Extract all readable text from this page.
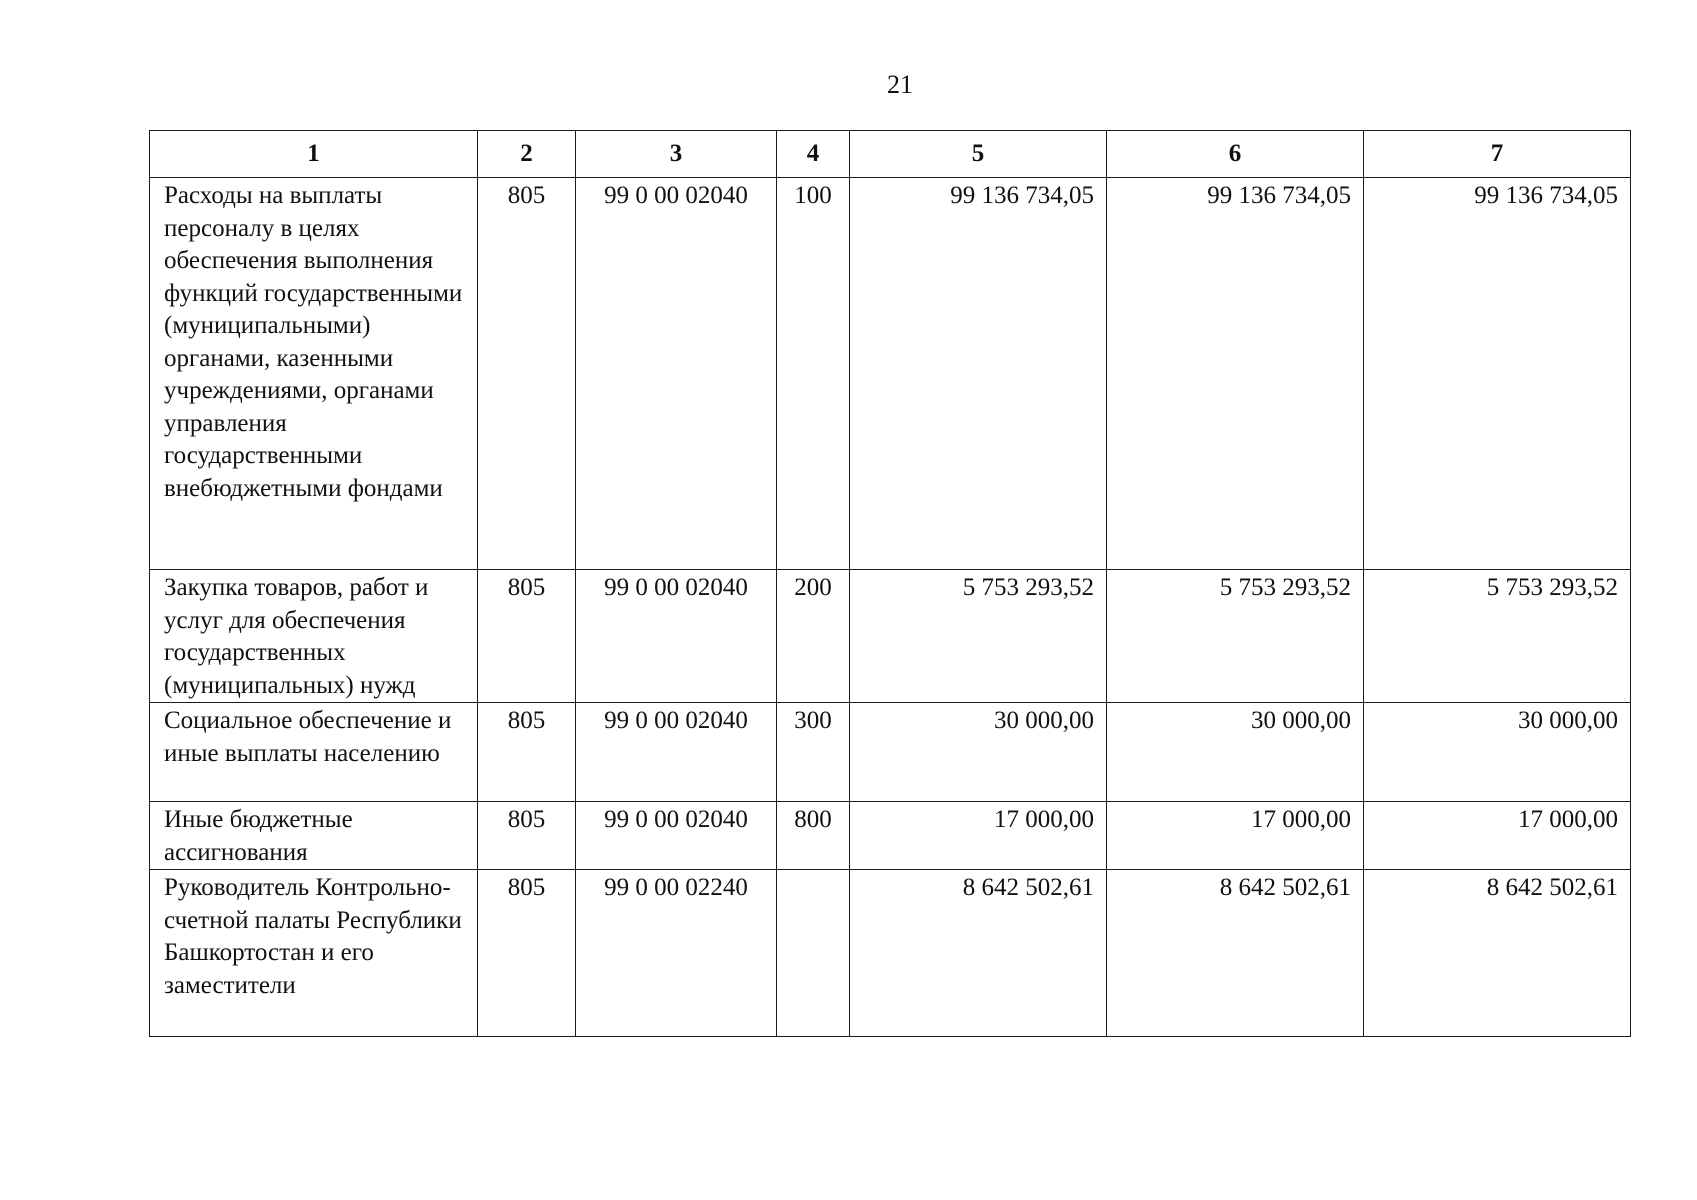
21
1	2	3	4	5	6	7
Расходы на выплаты персоналу в целях обеспечения выполнения функций государственными (муниципальными) органами, казенными учреждениями, органами управления государственными внебюджетными фондами	805	99 0 00 02040	100	99 136 734,05	99 136 734,05	99 136 734,05
Закупка товаров, работ и услуг для обеспечения государственных (муниципальных) нужд	805	99 0 00 02040	200	5 753 293,52	5 753 293,52	5 753 293,52
Социальное обеспечение и иные выплаты населению	805	99 0 00 02040	300	30 000,00	30 000,00	30 000,00
Иные бюджетные ассигнования	805	99 0 00 02040	800	17 000,00	17 000,00	17 000,00
Руководитель Контрольно-счетной палаты Республики Башкортостан и его заместители	805	99 0 00 02240		8 642 502,61	8 642 502,61	8 642 502,61
